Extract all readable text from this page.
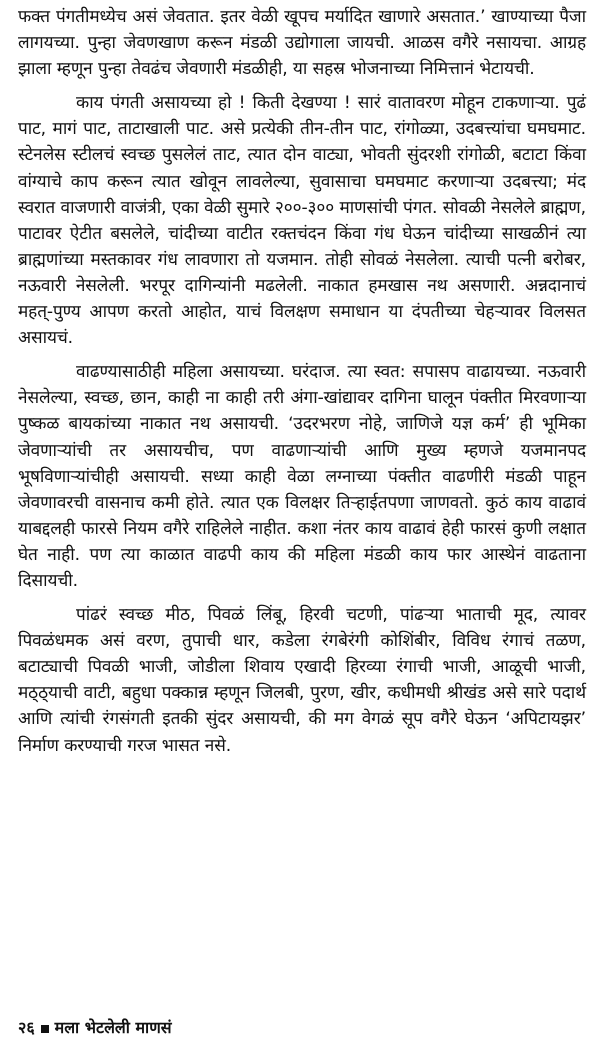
फक्त पंगतीमध्येच असं जेवतात. इतर वेळी खूपच मर्यादित खाणारे असतात.’ खाण्याच्या पैजा लागयच्या. पुन्हा जेवणखाण करून मंडळी उद्योगाला जायची. आळस वगैरे नसायचा. आग्रह झाला म्हणून पुन्हा तेवढंच जेवणारी मंडळीही, या सहस्र भोजनाच्या निमित्तानं भेटायची.

काय पंगती असायच्या हो ! किती देखण्या ! सारं वातावरण मोहून टाकणाऱ्या. पुढं पाट, मागं पाट, ताटाखाली पाट. असे प्रत्येकी तीन-तीन पाट, रांगोळ्या, उदबत्त्यांचा घमघमाट. स्टेनलेस स्टीलचं स्वच्छ पुसलेलं ताट, त्यात दोन वाट्या, भोवती सुंदरशी रांगोळी, बटाटा किंवा वांग्याचे काप करून त्यात खोवून लावलेल्या, सुवासाचा घमघमाट करणाऱ्या उदबत्त्या; मंद स्वरात वाजणारी वाजंत्री, एका वेळी सुमारे २००-३०० माणसांची पंगत. सोवळी नेसलेले ब्राह्मण, पाटावर ऐटीत बसलेले, चांदीच्या वाटीत रक्तचंदन किंवा गंध घेऊन चांदीच्या साखळीनं त्या ब्राह्मणांच्या मस्तकावर गंध लावणारा तो यजमान. तोही सोवळं नेसलेला. त्याची पत्नी बरोबर, नऊवारी नेसलेली. भरपूर दागिन्यांनी मढलेली. नाकात हमखास नथ असणारी. अन्नदानाचं महत्‌-पुण्य आपण करतो आहोत, याचं विलक्षण समाधान या दंपतीच्या चेहऱ्यावर विलसत असायचं.

वाढण्यासाठीही महिला असायच्या. घरंदाज. त्या स्वत: सपासप वाढायच्या. नऊवारी नेसलेल्या, स्वच्छ, छान, काही ना काही तरी अंगा-खांद्यावर दागिना घालून पंक्तीत मिरवणाऱ्या पुष्कळ बायकांच्या नाकात नथ असायची. ‘उदरभरण नोहे, जाणिजे यज्ञ कर्म’ ही भूमिका जेवणाऱ्यांची तर असायचीच, पण वाढणाऱ्यांची आणि मुख्य म्हणजे यजमानपद भूषविणाऱ्यांचीही असायची. सध्या काही वेळा लग्नाच्या पंक्तीत वाढणीरी मंडळी पाहून जेवणावरची वासनाच कमी होते. त्यात एक विलक्षर तिऱ्हाईतपणा जाणवतो. कुठं काय वाढावं याबद्दलही फारसे नियम वगैरे राहिलेले नाहीत. कशा नंतर काय वाढावं हेही फारसं कुणी लक्षात घेत नाही. पण त्या काळात वाढपी काय की महिला मंडळी काय फार आस्थेनं वाढताना दिसायची.

पांढरं स्वच्छ मीठ, पिवळं लिंबू, हिरवी चटणी, पांढऱ्या भाताची मूद, त्यावर पिवळंधमक असं वरण, तुपाची धार, कडेला रंगबेरंगी कोशिंबीर, विविध रंगाचं तळण, बटाट्याची पिवळी भाजी, जोडीला शिवाय एखादी हिरव्या रंगाची भाजी, आळूची भाजी, मठ्ठ्याची वाटी, बहुधा पक्कान्न म्हणून जिलबी, पुरण, खीर, कधीमधी श्रीखंड असे सारे पदार्थ आणि त्यांची रंगसंगती इतकी सुंदर असायची, की मग वेगळं सूप वगैरे घेऊन ‘अपिटायझर’ निर्माण करण्याची गरज भासत नसे.

२६ मला भेटलेली माणसं
